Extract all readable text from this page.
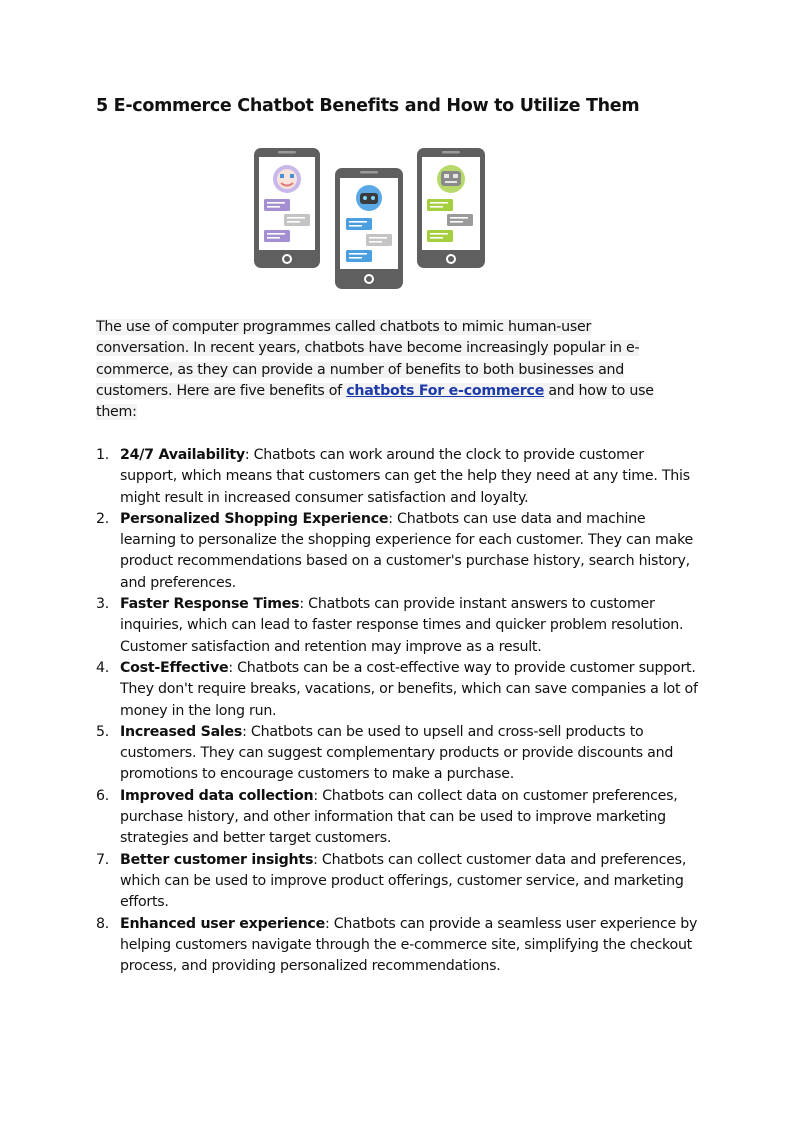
5 E-commerce Chatbot Benefits and How to Utilize Them

The use of computer programmes called chatbots to mimic human-user conversation. In recent years, chatbots have become increasingly popular in e-commerce, as they can provide a number of benefits to both businesses and customers. Here are five benefits of chatbots For e-commerce and how to use them:

1. 24/7 Availability: Chatbots can work around the clock to provide customer support, which means that customers can get the help they need at any time. This might result in increased consumer satisfaction and loyalty.
2. Personalized Shopping Experience: Chatbots can use data and machine learning to personalize the shopping experience for each customer. They can make product recommendations based on a customer's purchase history, search history, and preferences.
3. Faster Response Times: Chatbots can provide instant answers to customer inquiries, which can lead to faster response times and quicker problem resolution. Customer satisfaction and retention may improve as a result.
4. Cost-Effective: Chatbots can be a cost-effective way to provide customer support. They don't require breaks, vacations, or benefits, which can save companies a lot of money in the long run.
5. Increased Sales: Chatbots can be used to upsell and cross-sell products to customers. They can suggest complementary products or provide discounts and promotions to encourage customers to make a purchase.
6. Improved data collection: Chatbots can collect data on customer preferences, purchase history, and other information that can be used to improve marketing strategies and better target customers.
7. Better customer insights: Chatbots can collect customer data and preferences, which can be used to improve product offerings, customer service, and marketing efforts.
8. Enhanced user experience: Chatbots can provide a seamless user experience by helping customers navigate through the e-commerce site, simplifying the checkout process, and providing personalized recommendations.
